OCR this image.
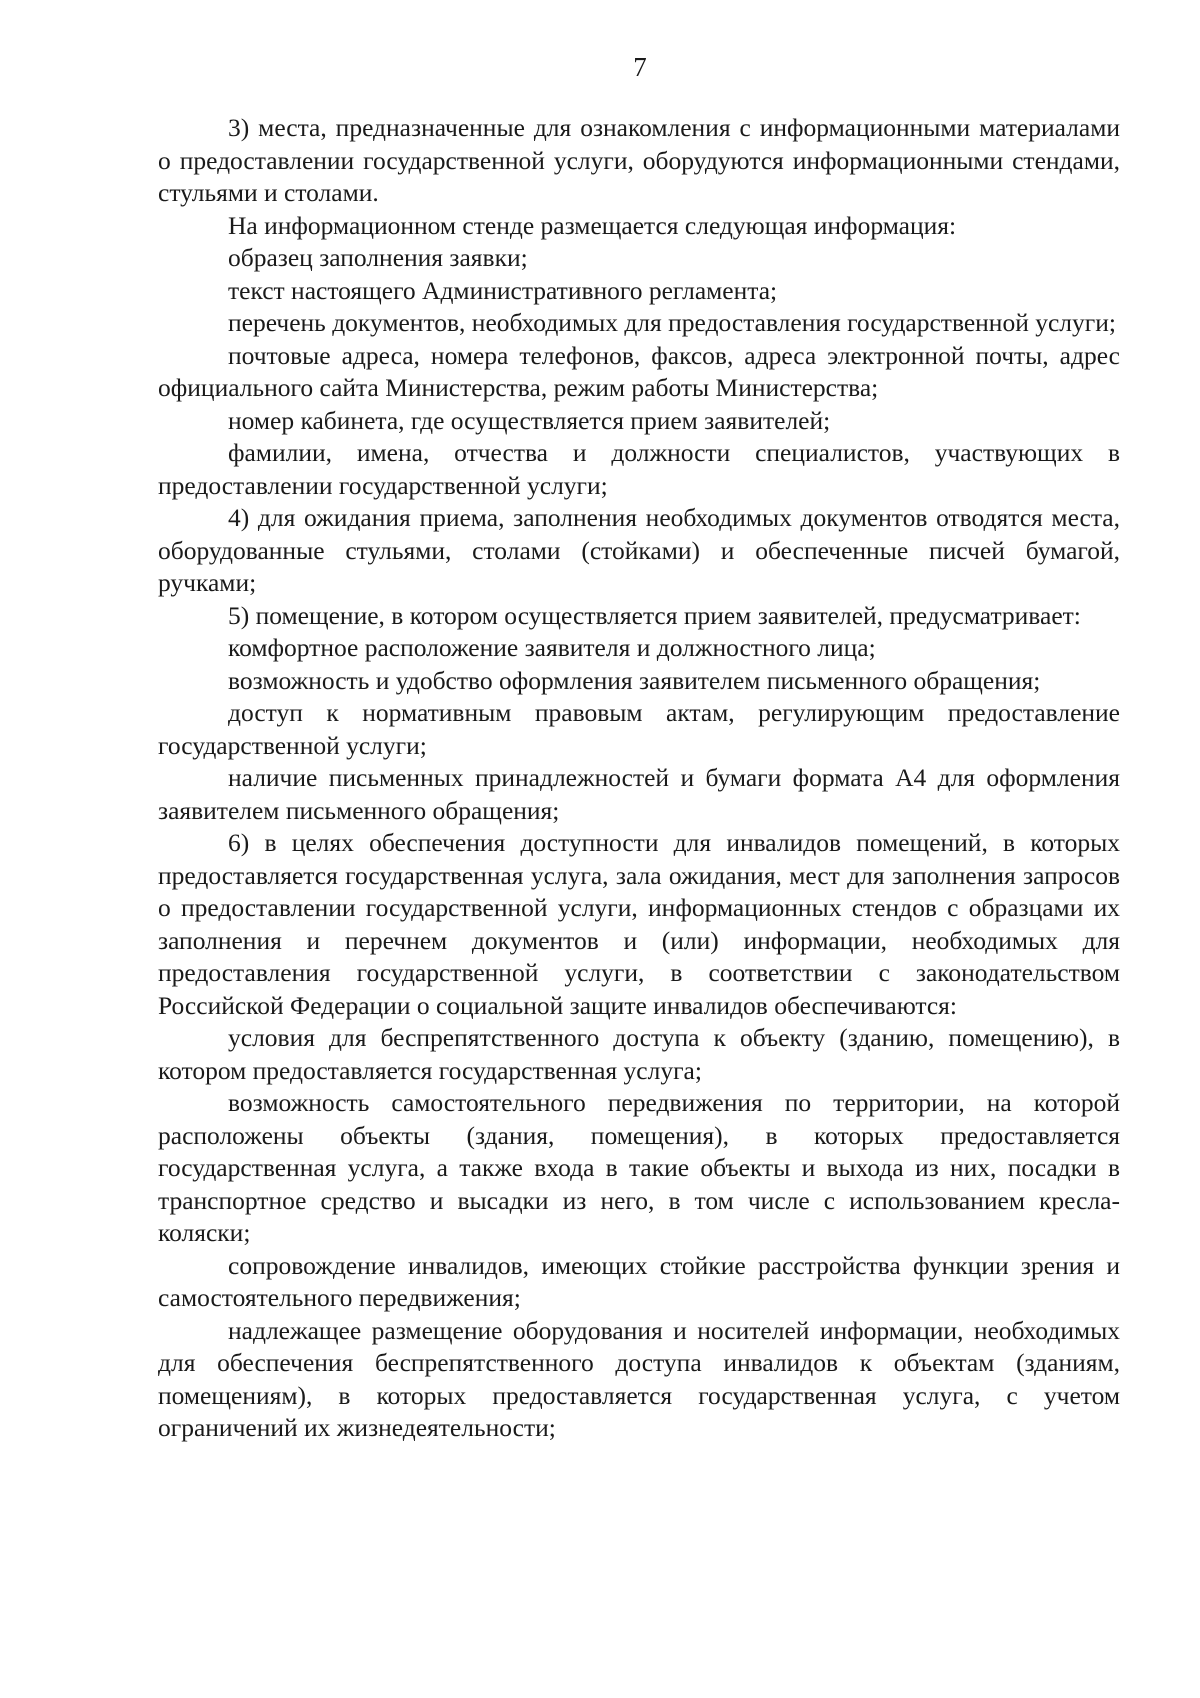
7

3) места, предназначенные для ознакомления с информационными материалами о предоставлении государственной услуги, оборудуются информационными стендами, стульями и столами.

На информационном стенде размещается следующая информация:

образец заполнения заявки;

текст настоящего Административного регламента;

перечень документов, необходимых для предоставления государственной услуги;

почтовые адреса, номера телефонов, факсов, адреса электронной почты, адрес официального сайта Министерства, режим работы Министерства;

номер кабинета, где осуществляется прием заявителей;

фамилии, имена, отчества и должности специалистов, участвующих в предоставлении государственной услуги;

4) для ожидания приема, заполнения необходимых документов отводятся места, оборудованные стульями, столами (стойками) и обеспеченные писчей бумагой, ручками;

5) помещение, в котором осуществляется прием заявителей, предусматривает:

комфортное расположение заявителя и должностного лица;

возможность и удобство оформления заявителем письменного обращения;

доступ к нормативным правовым актам, регулирующим предоставление государственной услуги;

наличие письменных принадлежностей и бумаги формата А4 для оформления заявителем письменного обращения;

6) в целях обеспечения доступности для инвалидов помещений, в которых предоставляется государственная услуга, зала ожидания, мест для заполнения запросов о предоставлении государственной услуги, информационных стендов с образцами их заполнения и перечнем документов и (или) информации, необходимых для предоставления государственной услуги, в соответствии с законодательством Российской Федерации о социальной защите инвалидов обеспечиваются:

условия для беспрепятственного доступа к объекту (зданию, помещению), в котором предоставляется государственная услуга;

возможность самостоятельного передвижения по территории, на которой расположены объекты (здания, помещения), в которых предоставляется государственная услуга, а также входа в такие объекты и выхода из них, посадки в транспортное средство и высадки из него, в том числе с использованием кресла-коляски;

сопровождение инвалидов, имеющих стойкие расстройства функции зрения и самостоятельного передвижения;

надлежащее размещение оборудования и носителей информации, необходимых для обеспечения беспрепятственного доступа инвалидов к объектам (зданиям, помещениям), в которых предоставляется государственная услуга, с учетом ограничений их жизнедеятельности;
